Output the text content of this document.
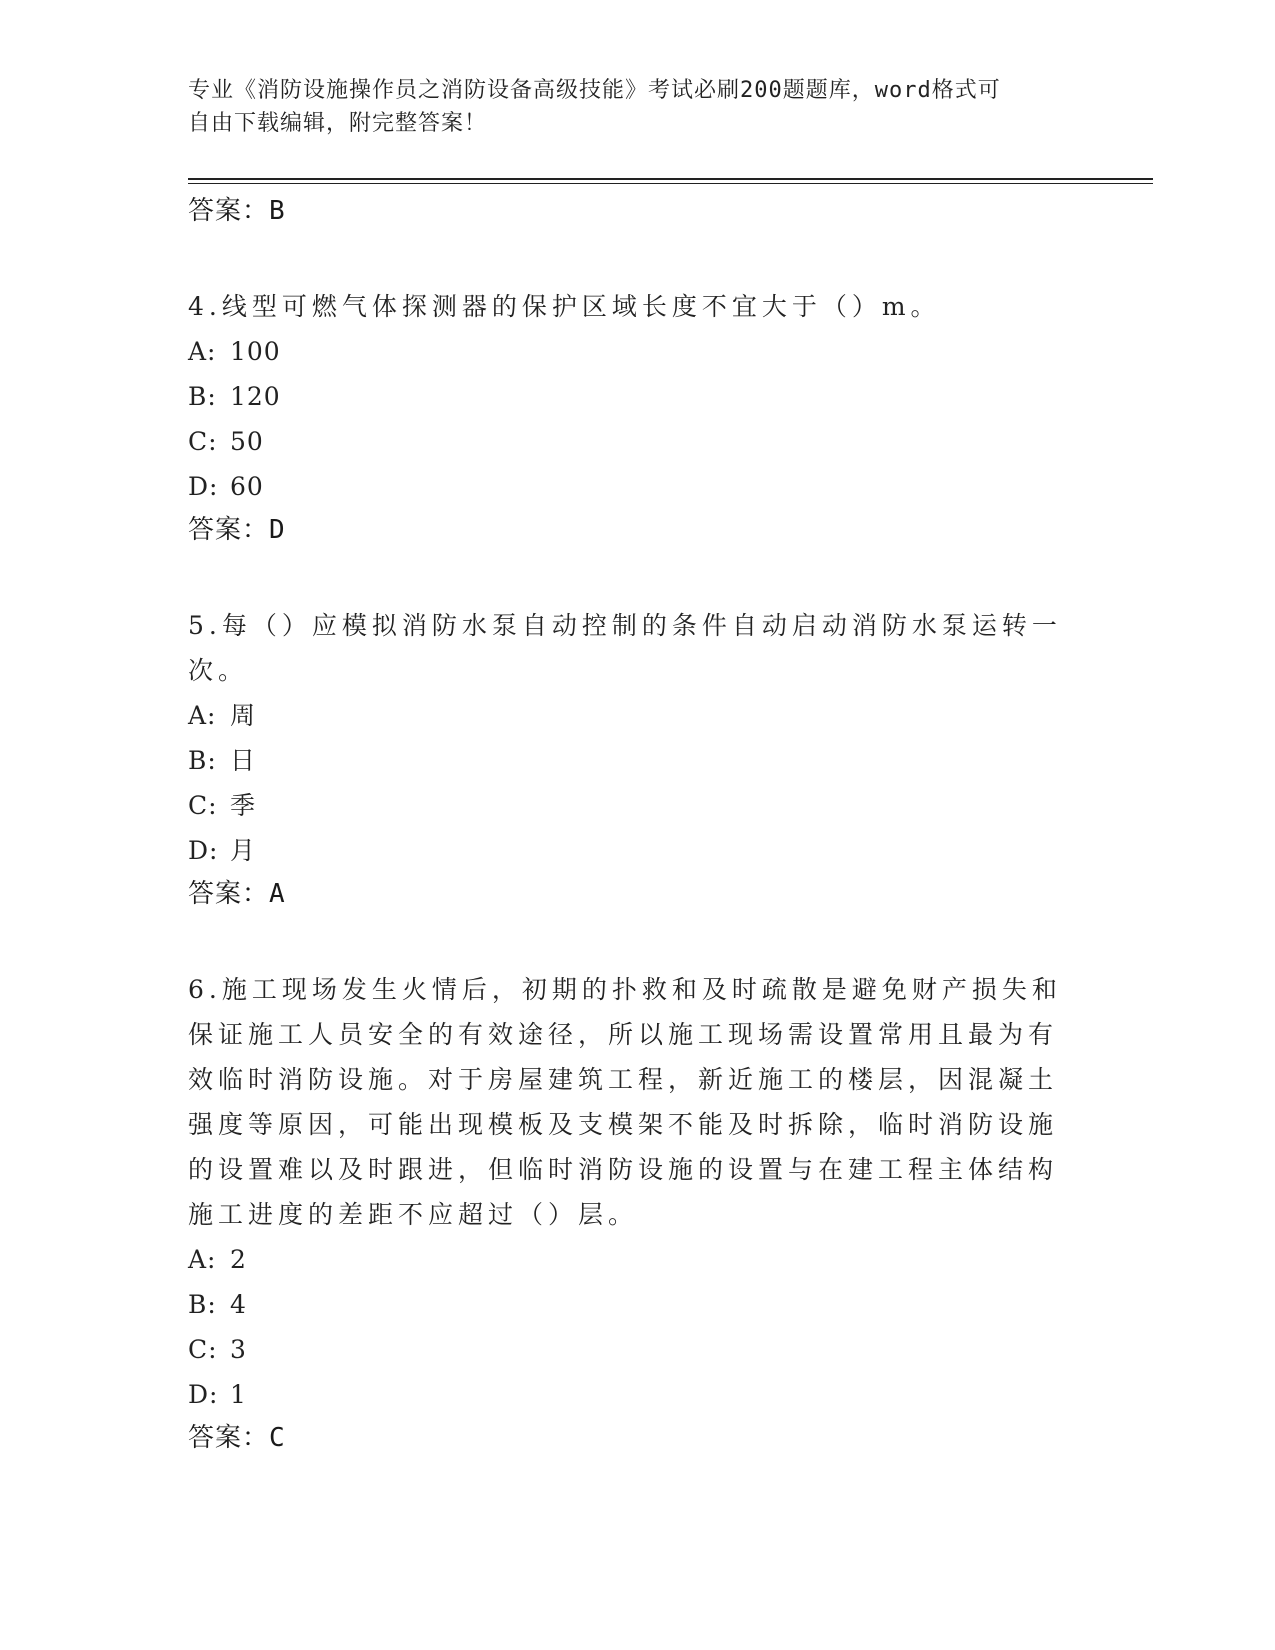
专业《消防设施操作员之消防设备高级技能》考试必刷200题题库，word格式可
自由下载编辑，附完整答案！
答案：B
4.线型可燃气体探测器的保护区域长度不宜大于（）m。
A: 100
B: 120
C: 50
D: 60
答案：D
5.每（）应模拟消防水泵自动控制的条件自动启动消防水泵运转一次。
A: 周
B: 日
C: 季
D: 月
答案：A
6.施工现场发生火情后，初期的扑救和及时疏散是避免财产损失和保证施工人员安全的有效途径，所以施工现场需设置常用且最为有效临时消防设施。对于房屋建筑工程，新近施工的楼层，因混凝土强度等原因，可能出现模板及支模架不能及时拆除，临时消防设施的设置难以及时跟进，但临时消防设施的设置与在建工程主体结构施工进度的差距不应超过（）层。
A: 2
B: 4
C: 3
D: 1
答案：C
